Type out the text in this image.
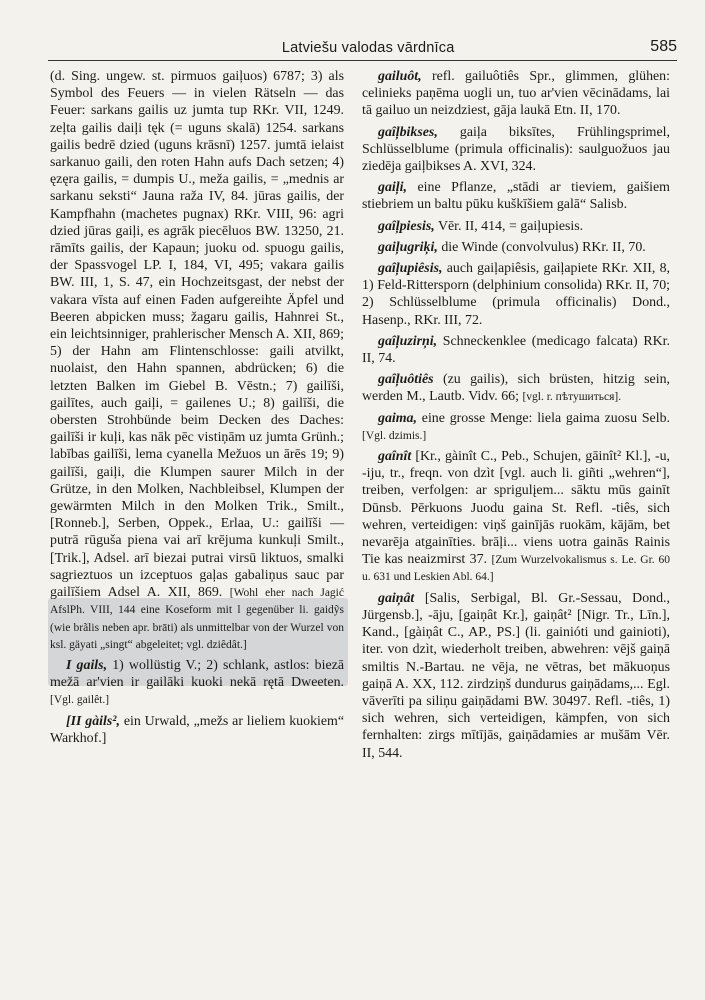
Latviešu valodas vārdnīca	585

(d. Sing. ungew. st. pirmuos gaiļuos) 6787; 3) als Symbol des Feuers — in vielen Rätseln — das Feuer: sarkans gailis uz jumta tup RKr. VII, 1249. zeļta gailis daiļi tęk (= uguns skalā) 1254. sarkans gailis bedrē dzied (uguns krāsnī) 1257. jumtā ielaist sarkanuo gaili, den roten Hahn aufs Dach setzen; 4) ęzęra gailis, = dumpis U., meža gailis, = „mednis ar sarkanu seksti“ Jauna raža IV, 84. jūras gailis, der Kampfhahn (machetes pugnax) RKr. VIII, 96: agri dzied jūras gaiļi, es agrāk piecēluos BW. 13250, 21. rāmīts gailis, der Kapaun; juoku od. spuogu gailis, der Spassvogel LP. I, 184, VI, 495; vakara gailis BW. III, 1, S. 47, ein Hochzeitsgast, der nebst der vakara vīsta auf einen Faden aufgereihte Äpfel und Beeren abpicken muss; žagaru gailis, Hahnrei St., ein leichtsinniger, prahlerischer Mensch A. XII, 869; 5) der Hahn am Flintenschlosse: gaili atvilkt, nuolaist, den Hahn spannen, abdrücken; 6) die letzten Balken im Giebel B. Vēstn.; 7) gailīši, gailītes, auch gaiļi, = gailenes U.; 8) gailīši, die obersten Strohbünde beim Decken des Daches: gailīši ir kuļi, kas nāk pēc vistiņām uz jumta Grünh.; labības gailīši, lema cyanella Mežuos un ārēs 19; 9) gailīši, gaiļi, die Klumpen saurer Milch in der Grütze, in den Molken, Nachbleibsel, Klumpen der gewärmten Milch in den Molken Trik., Smilt., [Ronneb.], Serben, Oppek., Erlaa, U.: gailīši — putrā rūguša piena vai arī krējuma kunkuļi Smilt., [Trik.], Adsel. arī biezai putrai virsū liktuos, smalki sagrieztuos un izceptuos gaļas gabaliņus sauc par gailīšiem Adsel A. XII, 869. [Wohl eher nach Jagić AfslPh. VIII, 144 eine Koseform mit l gegenüber li. gaidỹs (wie brãlis neben apr. brāti) als unmittelbar von der Wurzel von ksl. gäyati „singt“ abgeleitet; vgl. dziêdât.]

I gails, 1) wollüstig V.; 2) schlank, astlos: biezā mežā ar'vien ir gailāki kuoki nekā rętā Dweeten. [Vgl. gailêt.]

[II gàils², ein Urwald, „mežs ar lieliem kuokiem“ Warkhof.]

gailuôt, refl. gailuôtiês Spr., glimmen, glühen: celinieks paņēma uogli un, tuo ar'vien vēcinādams, lai tā gailuo un neizdziest, gāja laukā Etn. II, 170.

gaîļbikses, gaiļa biksītes, Frühlingsprimel, Schlüsselblume (primula officinalis): saulguožuos jau ziedēja gaiļbikses A. XVI, 324.

gaiļi, eine Pflanze, „stādi ar tieviem, gaišiem stiebriem un baltu pūku kuškīšiem galā“ Salisb.

gaîļpiesis, Vēr. II, 414, = gaiļupiesis.

gaiļugriķi, die Winde (convolvulus) RKr. II, 70.

gaîļupiêsis, auch gaiļapiêsis, gaiļapiete RKr. XII, 8, 1) Feld-Rittersporn (delphinium consolida) RKr. II, 70; 2) Schlüsselblume (primula officinalis) Dond., Hasenp., RKr. III, 72.

gaîļuzirņi, Schneckenklee (medicago falcata) RKr. II, 74.

gaîļuôtiês (zu gailis), sich brüsten, hitzig sein, werden M., Lautb. Vidv. 66; [vgl. r. пѣтушиться].

gaima, eine grosse Menge: liela gaima zuosu Selb. [Vgl. dzimis.]

gaînît [Kr., gàinît C., Peb., Schujen, gāinît² Kl.], -u, -iju, tr., freqn. von dzìt [vgl. auch li. giñti „wehren“], treiben, verfolgen: ar sprigulįem... sāktu mūs gainīt Dūnsb. Pērkuons Juodu gaina St. Refl. -tiês, sich wehren, verteidigen: viņš gainījās ruokām, kājām, bet nevarēja atgainīties. brāļi... viens uotra gainās Rainis Tie kas neaizmirst 37. [Zum Wurzelvokalismus s. Le. Gr. 60 u. 631 und Leskien Abl. 64.]

gaiņât [Salis, Serbigal, Bl. Gr.-Sessau, Dond., Jürgensb.], -āju, [gaiņât Kr.], gaiņât² [Nigr. Tr., Līn.], Kand., [gàiņât C., AP., PS.] (li. gainióti und gainioti), iter. von dzìt, wiederholt treiben, abwehren: vējš gaiņā smiltis N.-Bartau. ne vēja, ne vētras, bet mākuoņus gaiņā A. XX, 112. zirdziņš dundurus gaiņādams,... Egl. vāverīti pa siliņu gaiņādami BW. 30497. Refl. -tiês, 1) sich wehren, sich verteidigen, kämpfen, von sich fernhalten: zirgs mītījās, gaiņādamies ar mušām Vēr. II, 544.
